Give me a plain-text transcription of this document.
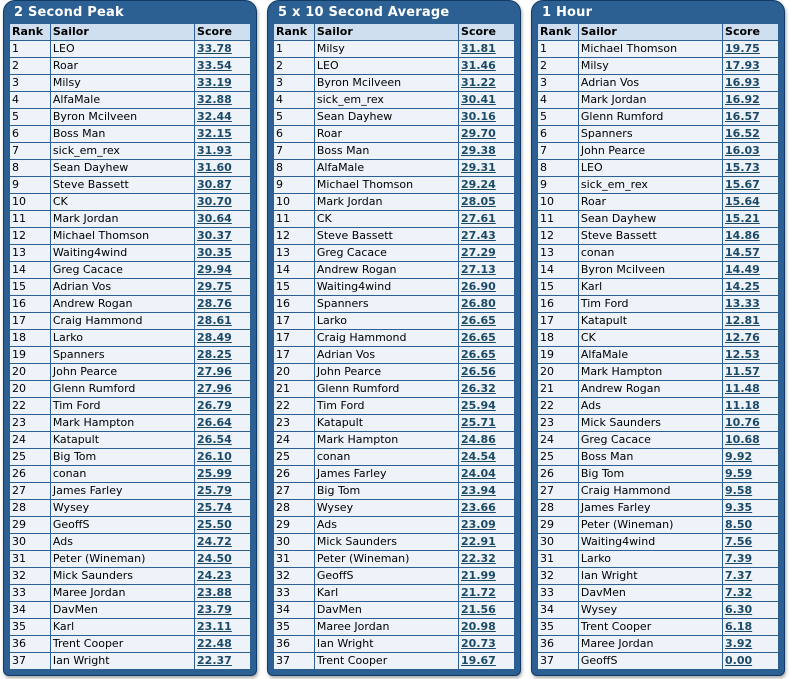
2 Second Peak
Rank	Sailor	Score
1	LEO	33.78
2	Roar	33.54
3	Milsy	33.19
4	AlfaMale	32.88
5	Byron Mcilveen	32.44
6	Boss Man	32.15
7	sick_em_rex	31.93
8	Sean Dayhew	31.60
9	Steve Bassett	30.87
10	CK	30.70
11	Mark Jordan	30.64
12	Michael Thomson	30.37
13	Waiting4wind	30.35
14	Greg Cacace	29.94
15	Adrian Vos	29.75
16	Andrew Rogan	28.76
17	Craig Hammond	28.61
18	Larko	28.49
19	Spanners	28.25
20	John Pearce	27.96
20	Glenn Rumford	27.96
22	Tim Ford	26.79
23	Mark Hampton	26.64
24	Katapult	26.54
25	Big Tom	26.10
26	conan	25.99
27	James Farley	25.79
28	Wysey	25.74
29	GeoffS	25.50
30	Ads	24.72
31	Peter (Wineman)	24.50
32	Mick Saunders	24.23
33	Maree Jordan	23.88
34	DavMen	23.79
35	Karl	23.11
36	Trent Cooper	22.48
37	Ian Wright	22.37
5 x 10 Second Average
Rank	Sailor	Score
1	Milsy	31.81
2	LEO	31.46
3	Byron Mcilveen	31.22
4	sick_em_rex	30.41
5	Sean Dayhew	30.16
6	Roar	29.70
7	Boss Man	29.38
8	AlfaMale	29.31
9	Michael Thomson	29.24
10	Mark Jordan	28.05
11	CK	27.61
12	Steve Bassett	27.43
13	Greg Cacace	27.29
14	Andrew Rogan	27.13
15	Waiting4wind	26.90
16	Spanners	26.80
17	Larko	26.65
17	Craig Hammond	26.65
17	Adrian Vos	26.65
20	John Pearce	26.56
21	Glenn Rumford	26.32
22	Tim Ford	25.94
23	Katapult	25.71
24	Mark Hampton	24.86
25	conan	24.54
26	James Farley	24.04
27	Big Tom	23.94
28	Wysey	23.66
29	Ads	23.09
30	Mick Saunders	22.91
31	Peter (Wineman)	22.32
32	GeoffS	21.99
33	Karl	21.72
34	DavMen	21.56
35	Maree Jordan	20.98
36	Ian Wright	20.73
37	Trent Cooper	19.67
1 Hour
Rank	Sailor	Score
1	Michael Thomson	19.75
2	Milsy	17.93
3	Adrian Vos	16.93
4	Mark Jordan	16.92
5	Glenn Rumford	16.57
6	Spanners	16.52
7	John Pearce	16.03
8	LEO	15.73
9	sick_em_rex	15.67
10	Roar	15.64
11	Sean Dayhew	15.21
12	Steve Bassett	14.86
13	conan	14.57
14	Byron Mcilveen	14.49
15	Karl	14.25
16	Tim Ford	13.33
17	Katapult	12.81
18	CK	12.76
19	AlfaMale	12.53
20	Mark Hampton	11.57
21	Andrew Rogan	11.48
22	Ads	11.18
23	Mick Saunders	10.76
24	Greg Cacace	10.68
25	Boss Man	9.92
26	Big Tom	9.59
27	Craig Hammond	9.58
28	James Farley	9.35
29	Peter (Wineman)	8.50
30	Waiting4wind	7.56
31	Larko	7.39
32	Ian Wright	7.37
33	DavMen	7.32
34	Wysey	6.30
35	Trent Cooper	6.18
36	Maree Jordan	3.92
37	GeoffS	0.00
